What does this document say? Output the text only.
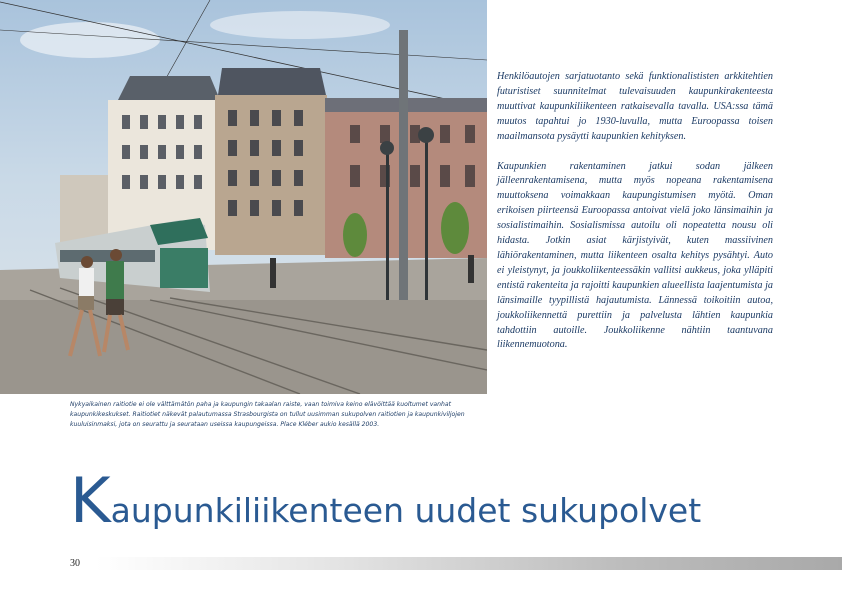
Nykyaikainen raitiotie ei ole välttämätön paha ja kaupungin takaalan raiste, vaan toimiva keino elävöittää kuoltumet vanhat kaupunkikeskukset. Raitiotiet näkevät palautumassa Strasbourgista on tullut uusimman sukupolven raitiotien ja kaupunkiviljojen kuuluisinmaksi, jota on seurattu ja seurataan useissa kaupungeissa. Place Kléber aukio kesällä 2003.

Henkilöautojen sarjatuotanto sekä funktionalististen arkkitehtien futuristiset suunnitelmat tulevaisuuden kaupunkirakenteesta muuttivat kaupunkiliikenteen ratkaisevalla tavalla. USA:ssa tämä muutos tapahtui jo 1930-luvulla, mutta Euroopassa toisen maailmansota pysäytti kaupunkien kehityksen.

Kaupunkien rakentaminen jatkui sodan jälkeen jälleenrakentamisena, mutta myös nopeana rakentamisena muuttoksena voimakkaan kaupungistumisen myötä. Oman erikoisen piirteensä Euroopassa antoivat vielä joko länsimaihin ja sosialistimaihin. Sosialismissa autoilu oli nopeatetta nousu oli hidasta. Jotkin asiat kärjistyivät, kuten massiivinen lähiörakentaminen, mutta liikenteen osalta kehitys pysähtyi. Auto ei yleistynyt, ja joukkoliikenteessäkin vallitsi aukkeus, joka ylläpiti entistä rakenteita ja rajoitti kaupunkien alueellista laajentumista ja länsimaille tyypillistä hajautumista. Lännessä toikoitiin autoa, joukkoliikennettä purettiin ja palvelusta lähtien kaupunkia tahdottiin autoille. Joukkoliikenne nähtiin taantuvana liikennemuotona.

Kaupunkiliikenteen uudet sukupolvet
30
